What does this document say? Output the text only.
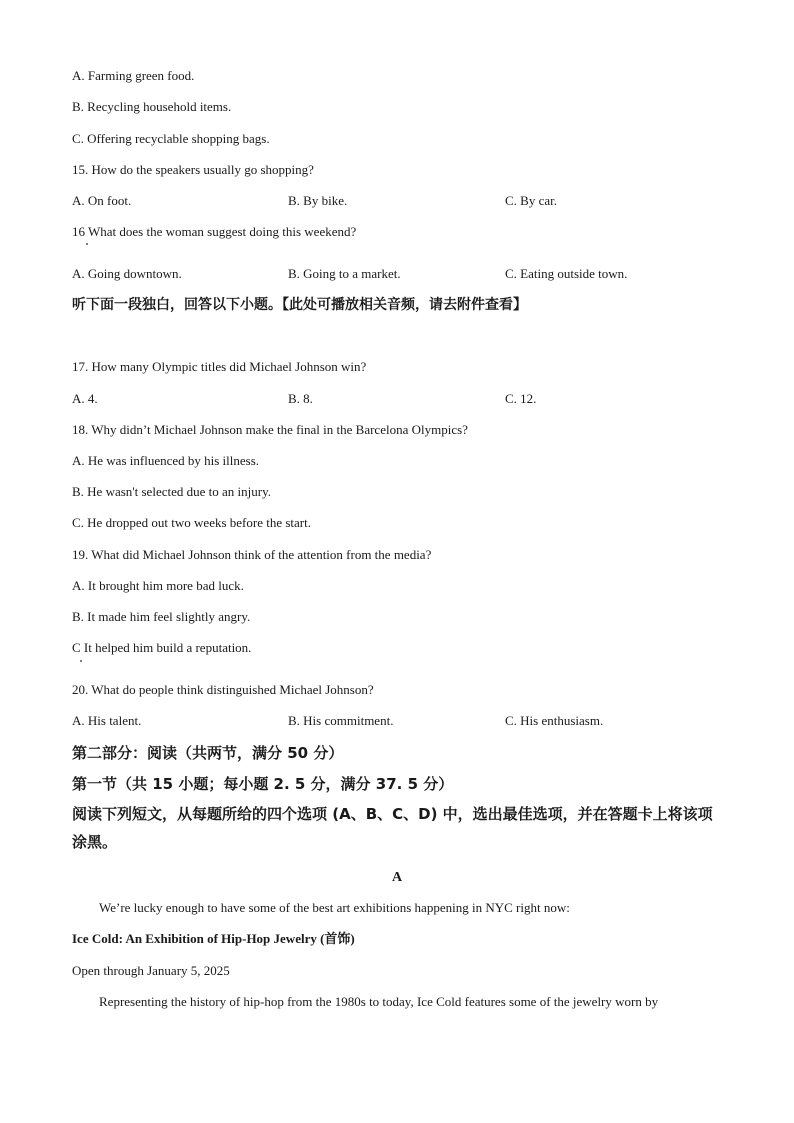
A. Farming green food.
B. Recycling household items.
C. Offering recyclable shopping bags.
15. How do the speakers usually go shopping?
A. On foot.	B. By bike.	C. By car.
16 What does the woman suggest doing this weekend?
A. Going downtown.	B. Going to a market.	C. Eating outside town.
听下面一段独白，回答以下小题。【此处可播放相关音频，请去附件查看】
17. How many Olympic titles did Michael Johnson win?
A. 4.	B. 8.	C. 12.
18. Why didn’t Michael Johnson make the final in the Barcelona Olympics?
A. He was influenced by his illness.
B. He wasn't selected due to an injury.
C. He dropped out two weeks before the start.
19. What did Michael Johnson think of the attention from the media?
A. It brought him more bad luck.
B. It made him feel slightly angry.
C It helped him build a reputation.
20. What do people think distinguished Michael Johnson?
A. His talent.	B. His commitment.	C. His enthusiasm.
第二部分：阅读（共两节，满分 50 分）
第一节（共 15 小题；每小题 2. 5 分，满分 37. 5 分）
阅读下列短文，从每题所给的四个选项 (A、B、C、D) 中，选出最佳选项，并在答题卡上将该项涂黑。
A
We’re lucky enough to have some of the best art exhibitions happening in NYC right now:
Ice Cold: An Exhibition of Hip-Hop Jewelry (首饰)
Open through January 5, 2025
Representing the history of hip-hop from the 1980s to today, Ice Cold features some of the jewelry worn by
